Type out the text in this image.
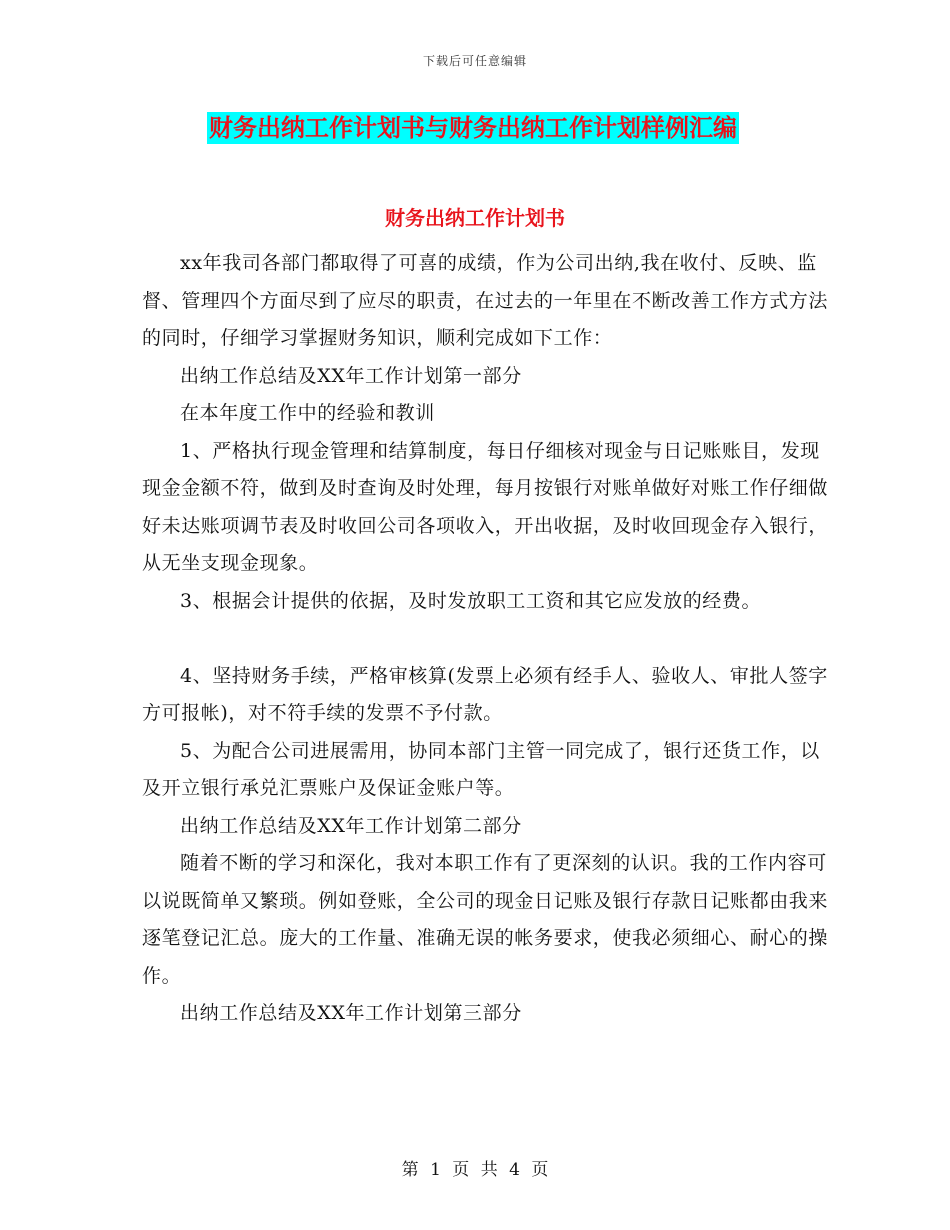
下载后可任意编辑
财务出纳工作计划书与财务出纳工作计划样例汇编
财务出纳工作计划书

xx年我司各部门都取得了可喜的成绩，作为公司出纳,我在收付、反映、监督、管理四个方面尽到了应尽的职责，在过去的一年里在不断改善工作方式方法的同时，仔细学习掌握财务知识，顺利完成如下工作：

出纳工作总结及XX年工作计划第一部分

在本年度工作中的经验和教训

1、严格执行现金管理和结算制度，每日仔细核对现金与日记账账目，发现现金金额不符，做到及时查询及时处理，每月按银行对账单做好对账工作仔细做好未达账项调节表及时收回公司各项收入，开出收据，及时收回现金存入银行，从无坐支现金现象。

3、根据会计提供的依据，及时发放职工工资和其它应发放的经费。

4、坚持财务手续，严格审核算(发票上必须有经手人、验收人、审批人签字方可报帐)，对不符手续的发票不予付款。

5、为配合公司进展需用，协同本部门主管一同完成了，银行还货工作，以及开立银行承兑汇票账户及保证金账户等。

出纳工作总结及XX年工作计划第二部分

随着不断的学习和深化，我对本职工作有了更深刻的认识。我的工作内容可以说既简单又繁琐。例如登账，全公司的现金日记账及银行存款日记账都由我来逐笔登记汇总。庞大的工作量、准确无误的帐务要求，使我必须细心、耐心的操作。

出纳工作总结及XX年工作计划第三部分

第 1 页 共 4 页
